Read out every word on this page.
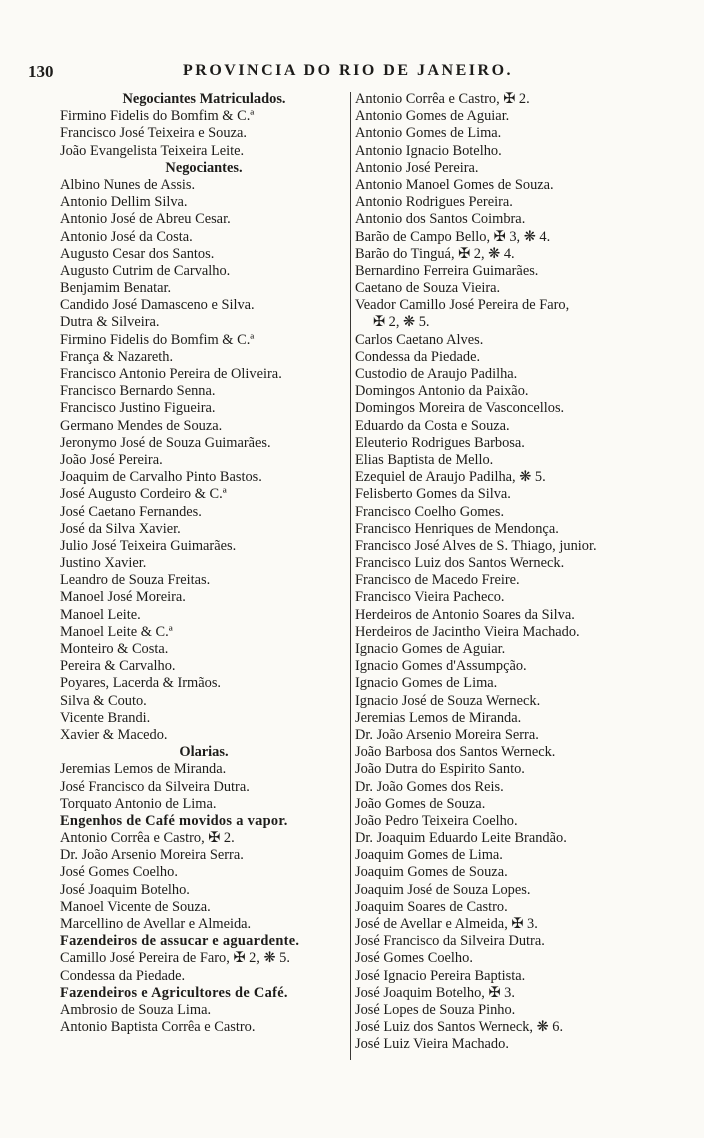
130	PROVINCIA DO RIO DE JANEIRO.
Negociantes Matriculados.
Firmino Fidelis do Bomfim & C.ª
Francisco José Teixeira e Souza.
João Evangelista Teixeira Leite.
Negociantes.
Albino Nunes de Assis.
Antonio Dellim Silva.
Antonio José de Abreu Cesar.
Antonio José da Costa.
Augusto Cesar dos Santos.
Augusto Cutrim de Carvalho.
Benjamim Benatar.
Candido José Damasceno e Silva.
Dutra & Silveira.
Firmino Fidelis do Bomfim & C.ª
França & Nazareth.
Francisco Antonio Pereira de Oliveira.
Francisco Bernardo Senna.
Francisco Justino Figueira.
Germano Mendes de Souza.
Jeronymo José de Souza Guimarães.
João José Pereira.
Joaquim de Carvalho Pinto Bastos.
José Augusto Cordeiro & C.ª
José Caetano Fernandes.
José da Silva Xavier.
Julio José Teixeira Guimarães.
Justino Xavier.
Leandro de Souza Freitas.
Manoel José Moreira.
Manoel Leite.
Manoel Leite & C.ª
Monteiro & Costa.
Pereira & Carvalho.
Poyares, Lacerda & Irmãos.
Silva & Couto.
Vicente Brandi.
Xavier & Macedo.
Olarias.
Jeremias Lemos de Miranda.
José Francisco da Silveira Dutra.
Torquato Antonio de Lima.
Engenhos de Café movidos a vapor.
Antonio Corrêa e Castro, ✠ 2.
Dr. João Arsenio Moreira Serra.
José Gomes Coelho.
José Joaquim Botelho.
Manoel Vicente de Souza.
Marcellino de Avellar e Almeida.
Fazendeiros de assucar e aguardente.
Camillo José Pereira de Faro, ✠ 2, ❋ 5.
Condessa da Piedade.
Fazendeiros e Agricultores de Café.
Ambrosio de Souza Lima.
Antonio Baptista Corrêa e Castro.
Antonio Corrêa e Castro, ✠ 2.
Antonio Gomes de Aguiar.
Antonio Gomes de Lima.
Antonio Ignacio Botelho.
Antonio José Pereira.
Antonio Manoel Gomes de Souza.
Antonio Rodrigues Pereira.
Antonio dos Santos Coimbra.
Barão de Campo Bello, ✠ 3, ❋ 4.
Barão do Tinguá, ✠ 2, ❋ 4.
Bernardino Ferreira Guimarães.
Caetano de Souza Vieira.
Veador Camillo José Pereira de Faro,
✠ 2, ❋ 5.
Carlos Caetano Alves.
Condessa da Piedade.
Custodio de Araujo Padilha.
Domingos Antonio da Paixão.
Domingos Moreira de Vasconcellos.
Eduardo da Costa e Souza.
Eleuterio Rodrigues Barbosa.
Elias Baptista de Mello.
Ezequiel de Araujo Padilha, ❋ 5.
Felisberto Gomes da Silva.
Francisco Coelho Gomes.
Francisco Henriques de Mendonça.
Francisco José Alves de S. Thiago, junior.
Francisco Luiz dos Santos Werneck.
Francisco de Macedo Freire.
Francisco Vieira Pacheco.
Herdeiros de Antonio Soares da Silva.
Herdeiros de Jacintho Vieira Machado.
Ignacio Gomes de Aguiar.
Ignacio Gomes d'Assumpção.
Ignacio Gomes de Lima.
Ignacio José de Souza Werneck.
Jeremias Lemos de Miranda.
Dr. João Arsenio Moreira Serra.
João Barbosa dos Santos Werneck.
João Dutra do Espirito Santo.
Dr. João Gomes dos Reis.
João Gomes de Souza.
João Pedro Teixeira Coelho.
Dr. Joaquim Eduardo Leite Brandão.
Joaquim Gomes de Lima.
Joaquim Gomes de Souza.
Joaquim José de Souza Lopes.
Joaquim Soares de Castro.
José de Avellar e Almeida, ✠ 3.
José Francisco da Silveira Dutra.
José Gomes Coelho.
José Ignacio Pereira Baptista.
José Joaquim Botelho, ✠ 3.
José Lopes de Souza Pinho.
José Luiz dos Santos Werneck, ❋ 6.
José Luiz Vieira Machado.
